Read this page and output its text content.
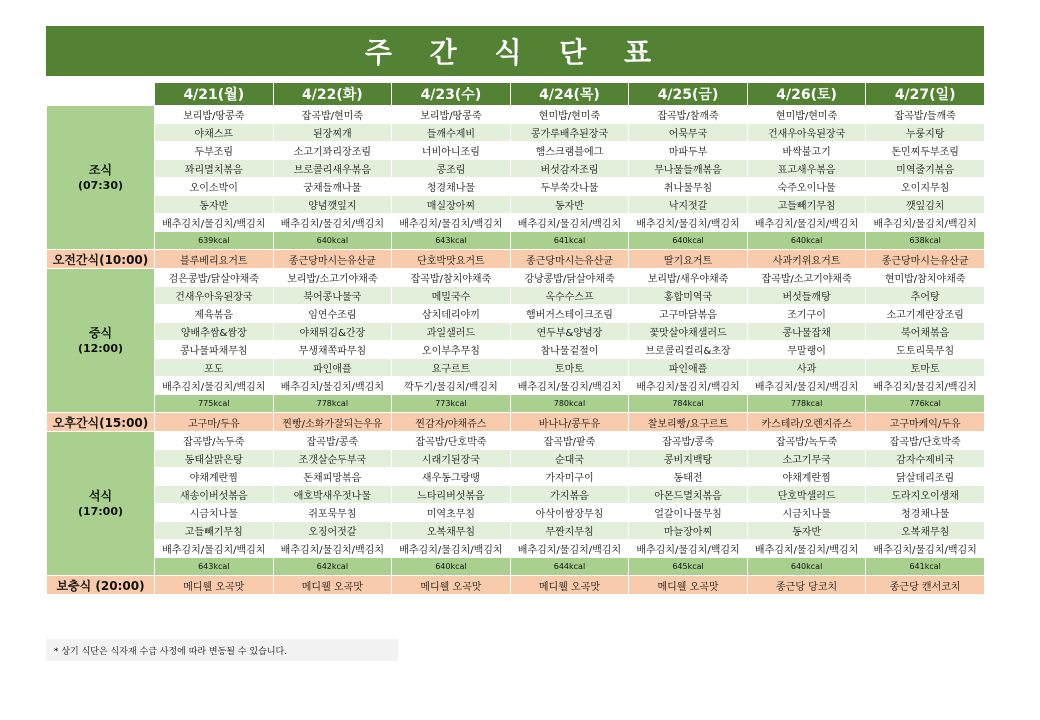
주 간 식 단 표
	4/21(월)	4/22(화)	4/23(수)	4/24(목)	4/25(금)	4/26(토)	4/27(일)

조식
(07:30)	보리밥/땅콩죽	잡곡밥/현미죽	보리밥/땅콩죽	현미밥/현미죽	잡곡밥/참깨죽	현미밥/현미죽	잡곡밥/들깨죽
	야채스프	된장찌개	들깨수제비	콩가루배추된장국	어묵무국	건새우아욱된장국	누룽지탕
	두부조림	소고기꽈리장조림	너비아니조림	햄스크램블에그	마파두부	바싹불고기	돈민찌두부조림
	꽈리멸치볶음	브로콜리새우볶음	콩조림	버섯감자조림	무나물들깨볶음	표고새우볶음	미역줄기볶음
	오이소박이	궁채들깨나물	청경채나물	두부쑥갓나물	취나물무침	숙주오이나물	오이지무침
	동자반	양념깻잎지	매실장아찌	동자반	낙지젓갈	고들빼기무침	깻잎김치
	배추김치/물김치/백김치	배추김치/물김치/백김치	배추김치/물김치/백김치	배추김치/물김치/백김치	배추김치/물김치/백김치	배추김치/물김치/백김치	배추김치/물김치/백김치
	639kcal	640kcal	643kcal	641kcal	640kcal	640kcal	638kcal
오전간식(10:00)	블루베리요거트	종근당마시는유산균	단호박맛요거트	종근당마시는유산균	딸기요거트	사과키위요거트	종근당마시는유산균

중식
(12:00)	검은콩밥/닭살야채죽	보리밥/소고기야채죽	잡곡밥/참치야채죽	강낭콩밥/닭살야채죽	보리밥/새우야채죽	잡곡밥/소고기야채죽	현미밥/참치야채죽
	건새우아욱된장국	북어콩나물국	메밀국수	옥수수스프	홍합미역국	버섯들깨탕	추어탕
	제육볶음	임연수조림	삼치데리야끼	햄버거스테이크조림	고구마닭볶음	조기구이	소고기계란장조림
	양배추쌈&쌈장	야채튀김&간장	과일샐러드	연두부&양념장	꽃맛살야채샐러드	콩나물잡채	북어채볶음
	콩나물파채무침	무생채쪽파무침	오이부추무침	참나물겉절이	브로콜리컬리&초장	무말랭이	도토리묵무침
	포도	파인애플	요구르트	토마토	파인애플	사과	토마토
	배추김치/물김치/백김치	배추김치/물김치/백김치	깍두기/물김치/백김치	배추김치/물김치/백김치	배추김치/물김치/백김치	배추김치/물김치/백김치	배추김치/물김치/백김치
	775kcal	778kcal	773kcal	780kcal	784kcal	778kcal	776kcal
오후간식(15:00)	고구마/두유	찐빵/소화가잘되는우유	찐감자/야채쥬스	바나나/콩두유	찰보리빵/요구르트	카스테라/오렌지쥬스	고구마케익/두유

석식
(17:00)	잡곡밥/녹두죽	잡곡밥/콩죽	잡곡밥/단호박죽	잡곡밥/팥죽	잡곡밥/콩죽	잡곡밥/녹두죽	잡곡밥/단호박죽
	동태살맑은탕	조갯살순두부국	시래기된장국	순대국	콩비지백탕	소고기무국	감자수제비국
	야채계란찜	돈채피망볶음	새우동그랑땡	가자미구이	동태전	야채계란찜	닭살데리조림
	새송이버섯볶음	애호박새우젓나물	느타리버섯볶음	가지볶음	아몬드멸치볶음	단호박샐러드	도라지오이생채
	시금치나물	쥐포묵무침	미역초무침	아삭이쌈장무침	얼갈이나물무침	시금치나물	청경채나물
	고들빼기무침	오징어젓갈	오복채무침	무짠지무침	마늘장아찌	동자반	오복채무침
	배추김치/물김치/백김치	배추김치/물김치/백김치	배추김치/물김치/백김치	배추김치/물김치/백김치	배추김치/물김치/백김치	배추김치/물김치/백김치	배추김치/물김치/백김치
	643kcal	642kcal	640kcal	644kcal	645kcal	640kcal	641kcal
보충식 (20:00)	메디웰 오곡맛	메디웰 오곡맛	메디웰 오곡맛	메디웰 오곡맛	메디웰 오곡맛	종근당 당코치	종근당 캔서코치
* 상기 식단은 식자재 수급 사정에 따라 변동될 수 있습니다.
